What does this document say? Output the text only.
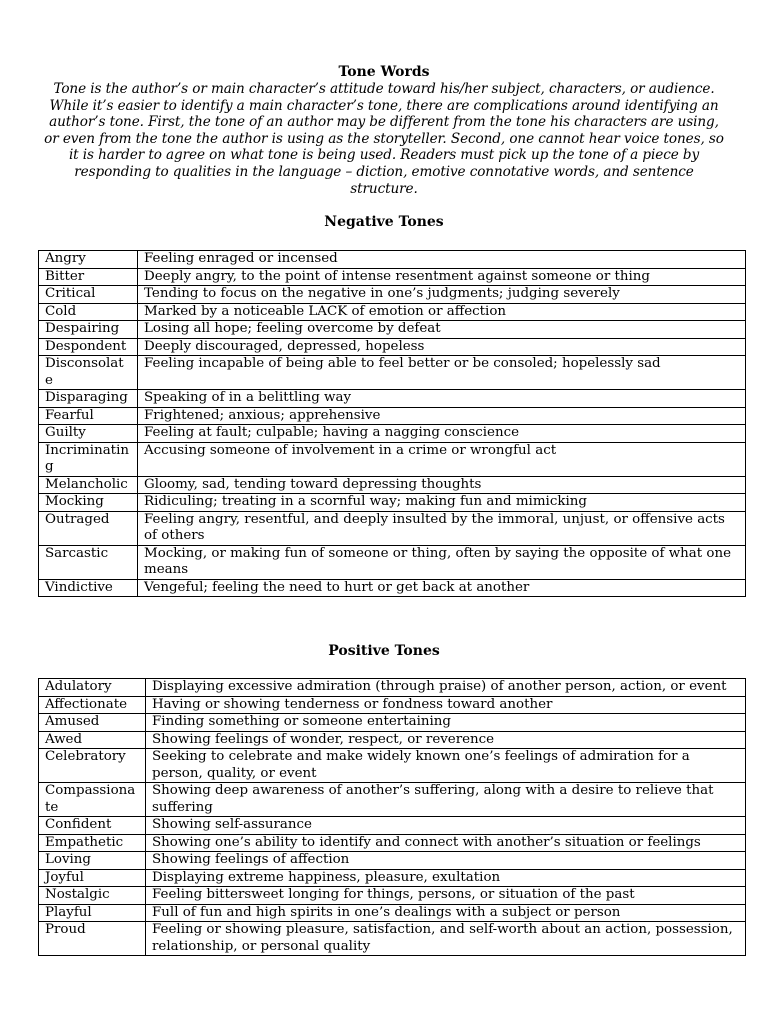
Tone Words
Tone is the author’s or main character’s attitude toward his/her subject, characters, or audience. While it’s easier to identify a main character’s tone, there are complications around identifying an author’s tone. First, the tone of an author may be different from the tone his characters are using, or even from the tone the author is using as the storyteller. Second, one cannot hear voice tones, so it is harder to agree on what tone is being used. Readers must pick up the tone of a piece by responding to qualities in the language – diction, emotive connotative words, and sentence structure.
Negative Tones
Angry	Feeling enraged or incensed
Bitter	Deeply angry, to the point of intense resentment against someone or thing
Critical	Tending to focus on the negative in one’s judgments; judging severely
Cold	Marked by a noticeable LACK of emotion or affection
Despairing	Losing all hope; feeling overcome by defeat
Despondent	Deeply discouraged, depressed, hopeless
Disconsolate	Feeling incapable of being able to feel better or be consoled; hopelessly sad
Disparaging	Speaking of in a belittling way
Fearful	Frightened; anxious; apprehensive
Guilty	Feeling at fault; culpable; having a nagging conscience
Incriminating	Accusing someone of involvement in a crime or wrongful act
Melancholic	Gloomy, sad, tending toward depressing thoughts
Mocking	Ridiculing; treating in a scornful way; making fun and mimicking
Outraged	Feeling angry, resentful, and deeply insulted by the immoral, unjust, or offensive acts of others
Sarcastic	Mocking, or making fun of someone or thing, often by saying the opposite of what one means
Vindictive	Vengeful; feeling the need to hurt or get back at another
Positive Tones
Adulatory	Displaying excessive admiration (through praise) of another person, action, or event
Affectionate	Having or showing tenderness or fondness toward another
Amused	Finding something or someone entertaining
Awed	Showing feelings of wonder, respect, or reverence
Celebratory	Seeking to celebrate and make widely known one’s feelings of admiration for a person, quality, or event
Compassionate	Showing deep awareness of another’s suffering, along with a desire to relieve that suffering
Confident	Showing self-assurance
Empathetic	Showing one’s ability to identify and connect with another’s situation or feelings
Loving	Showing feelings of affection
Joyful	Displaying extreme happiness, pleasure, exultation
Nostalgic	Feeling bittersweet longing for things, persons, or situation of the past
Playful	Full of fun and high spirits in one’s dealings with a subject or person
Proud	Feeling or showing pleasure, satisfaction, and self-worth about an action, possession, relationship, or personal quality
